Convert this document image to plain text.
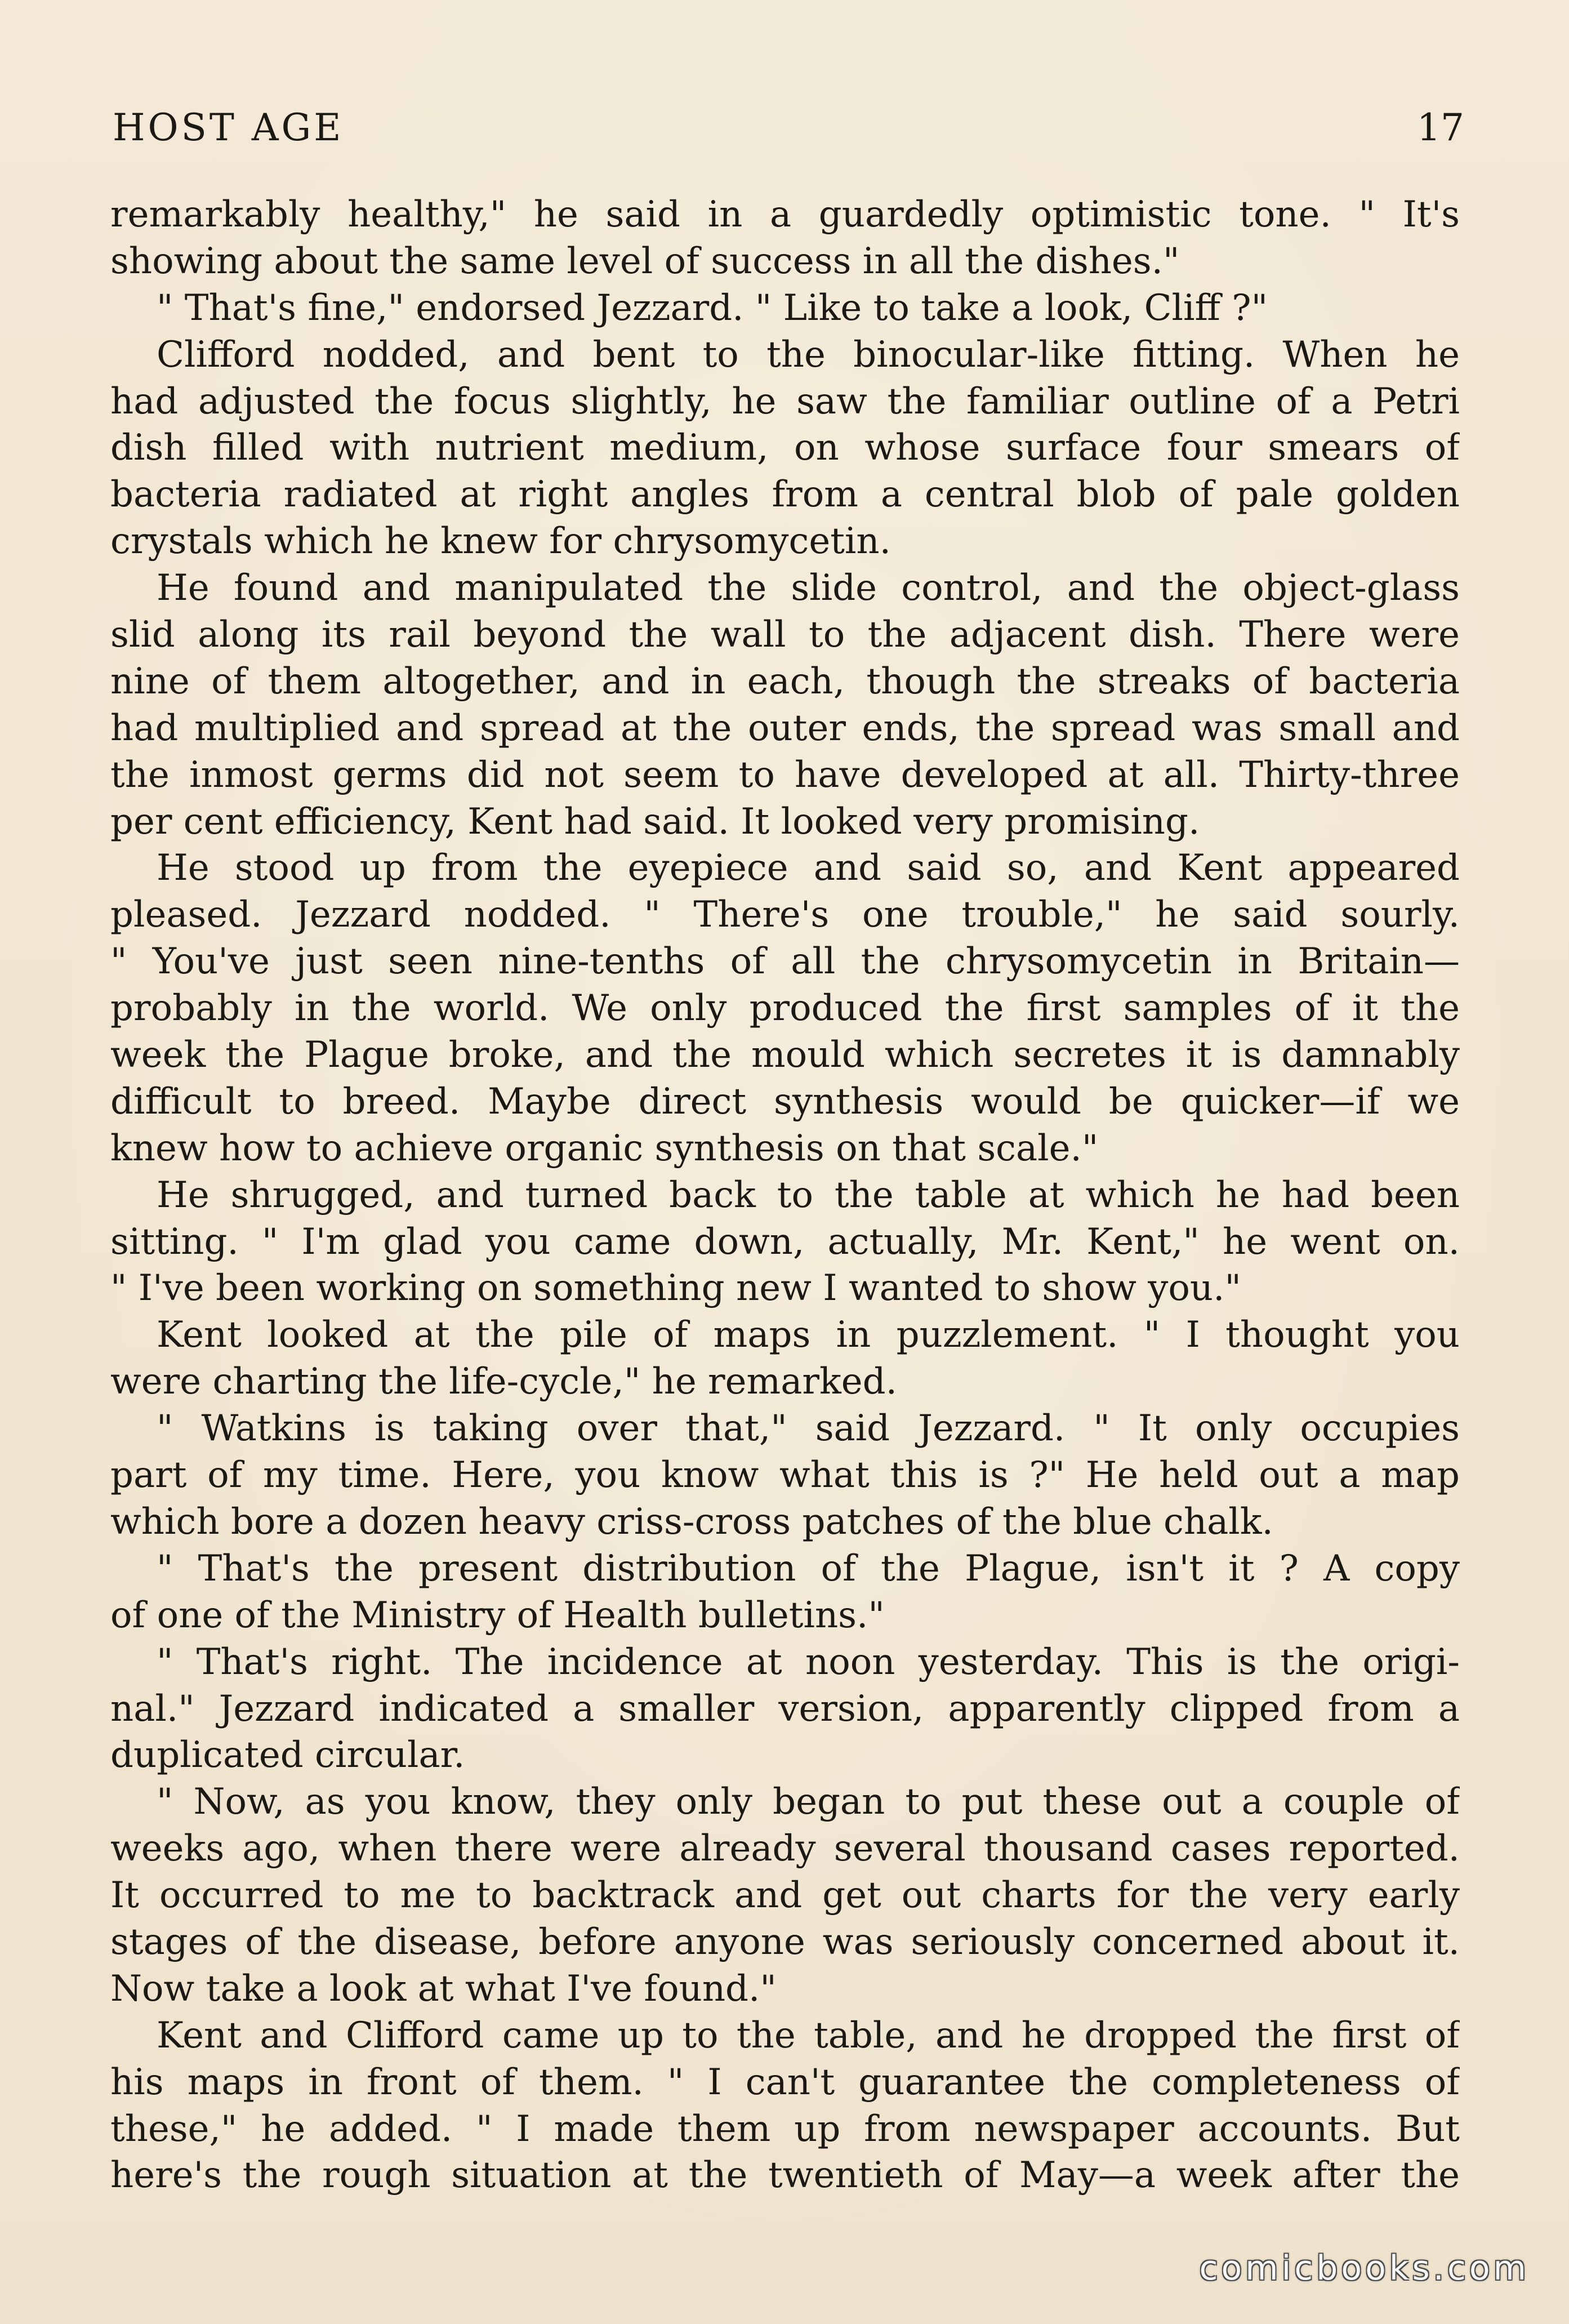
HOST AGE	17
remarkably healthy," he said in a guardedly optimistic tone. " It's
showing about the same level of success in all the dishes."
" That's fine," endorsed Jezzard. " Like to take a look, Cliff ?"
Clifford nodded, and bent to the binocular-like fitting. When he
had adjusted the focus slightly, he saw the familiar outline of a Petri
dish filled with nutrient medium, on whose surface four smears of
bacteria radiated at right angles from a central blob of pale golden
crystals which he knew for chrysomycetin.
He found and manipulated the slide control, and the object-glass
slid along its rail beyond the wall to the adjacent dish. There were
nine of them altogether, and in each, though the streaks of bacteria
had multiplied and spread at the outer ends, the spread was small and
the inmost germs did not seem to have developed at all. Thirty-three
per cent efficiency, Kent had said. It looked very promising.
He stood up from the eyepiece and said so, and Kent appeared
pleased. Jezzard nodded. " There's one trouble," he said sourly.
" You've just seen nine-tenths of all the chrysomycetin in Britain—
probably in the world. We only produced the first samples of it the
week the Plague broke, and the mould which secretes it is damnably
difficult to breed. Maybe direct synthesis would be quicker—if we
knew how to achieve organic synthesis on that scale."
He shrugged, and turned back to the table at which he had been
sitting. " I'm glad you came down, actually, Mr. Kent," he went on.
" I've been working on something new I wanted to show you."
Kent looked at the pile of maps in puzzlement. " I thought you
were charting the life-cycle," he remarked.
" Watkins is taking over that," said Jezzard. " It only occupies
part of my time. Here, you know what this is ?" He held out a map
which bore a dozen heavy criss-cross patches of the blue chalk.
" That's the present distribution of the Plague, isn't it ? A copy
of one of the Ministry of Health bulletins."
" That's right. The incidence at noon yesterday. This is the origi-
nal." Jezzard indicated a smaller version, apparently clipped from a
duplicated circular.
" Now, as you know, they only began to put these out a couple of
weeks ago, when there were already several thousand cases reported.
It occurred to me to backtrack and get out charts for the very early
stages of the disease, before anyone was seriously concerned about it.
Now take a look at what I've found."
Kent and Clifford came up to the table, and he dropped the first of
his maps in front of them. " I can't guarantee the completeness of
these," he added. " I made them up from newspaper accounts. But
here's the rough situation at the twentieth of May—a week after the
comicbooks.com
